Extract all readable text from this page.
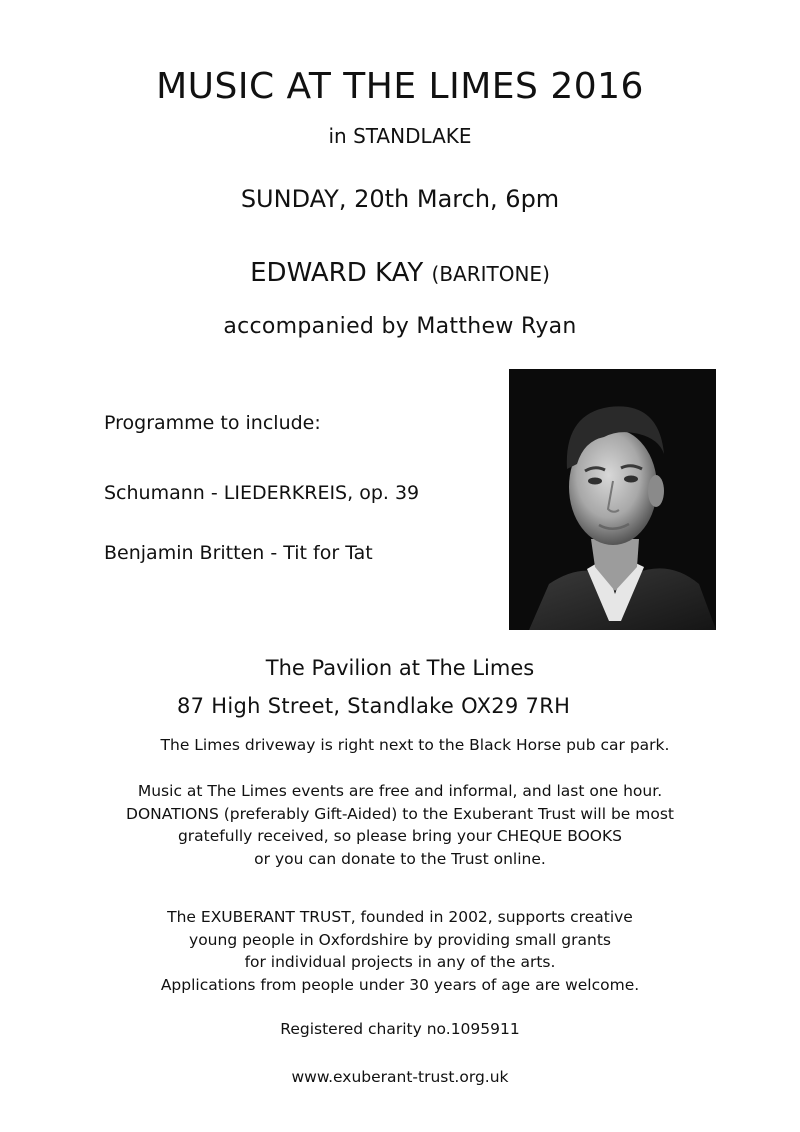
MUSIC AT THE LIMES 2016
in STANDLAKE
SUNDAY, 20th March, 6pm
EDWARD KAY (BARITONE)
accompanied by Matthew Ryan
Programme to include:
Schumann - LIEDERKREIS, op. 39
Benjamin Britten - Tit for Tat
The Pavilion at The Limes
87 High Street, Standlake OX29 7RH
The Limes driveway is right next to the Black Horse pub car park.
Music at The Limes events are free and informal, and last one hour.
DONATIONS (preferably Gift-Aided) to the Exuberant Trust will be most
gratefully received, so please bring your CHEQUE BOOKS
or you can donate to the Trust online.
The EXUBERANT TRUST, founded in 2002, supports creative
young people in Oxfordshire by providing small grants
for individual projects in any of the arts.
Applications from people under 30 years of age are welcome.
Registered charity no.1095911
www.exuberant-trust.org.uk
